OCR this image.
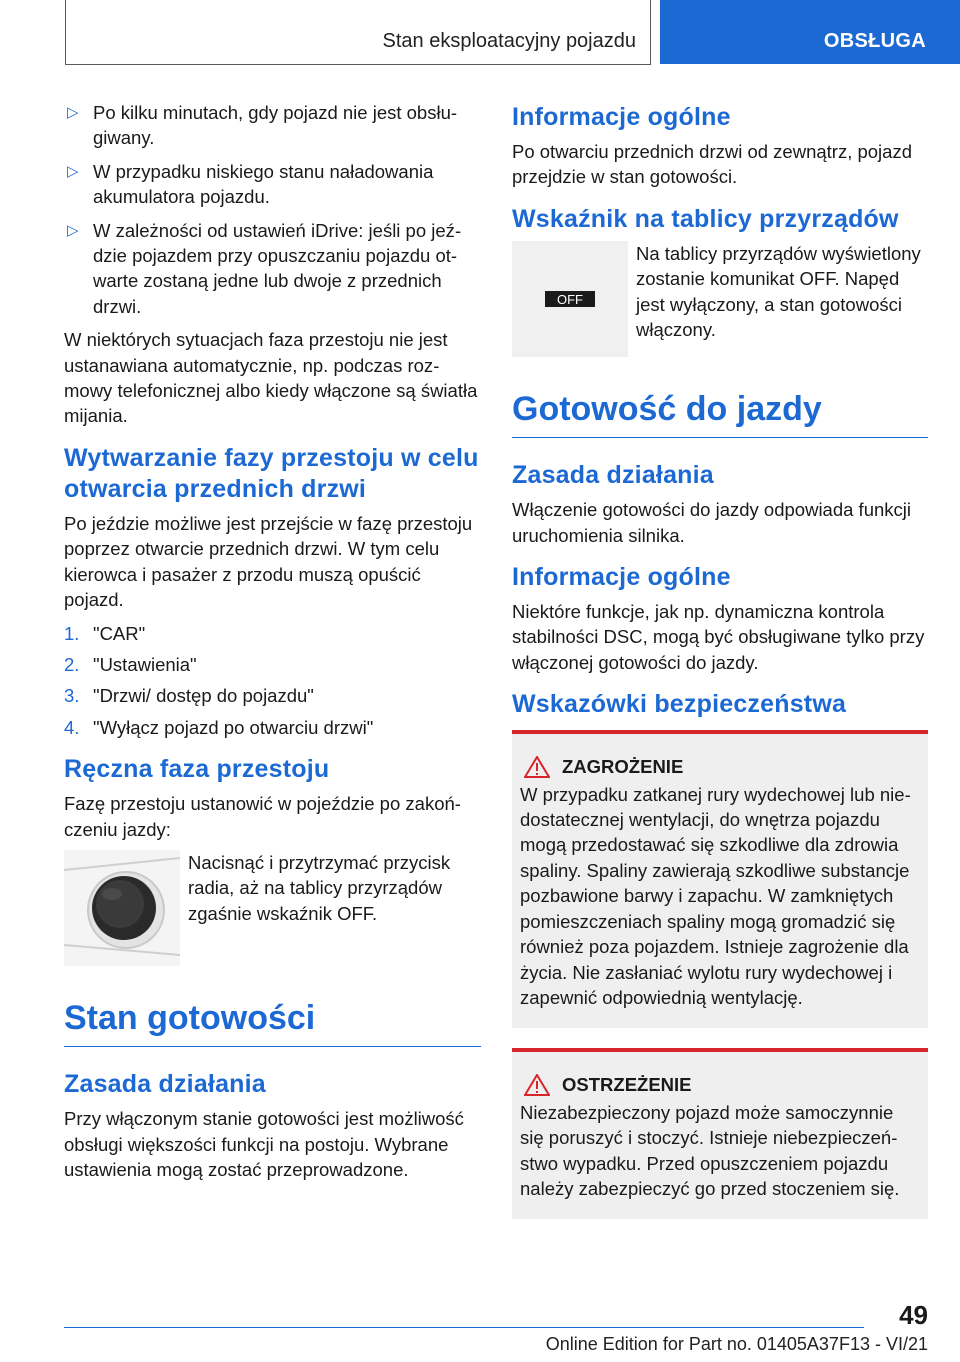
Stan eksploatacyjny pojazdu	OBSŁUGA
▷ Po kilku minutach, gdy pojazd nie jest obsługiwany.
▷ W przypadku niskiego stanu naładowania akumulatora pojazdu.
▷ W zależności od ustawień iDrive: jeśli po jeździe pojazdem przy opuszczaniu pojazdu otwarte zostaną jedne lub dwoje z przednich drzwi.

W niektórych sytuacjach faza przestoju nie jest ustanawiana automatycznie, np. podczas rozmowy telefonicznej albo kiedy włączone są światła mijania.

Wytwarzanie fazy przestoju w celu otwarcia przednich drzwi

Po jeździe możliwe jest przejście w fazę przestoju poprzez otwarcie przednich drzwi. W tym celu kierowca i pasażer z przodu muszą opuścić pojazd.

1. "CAR"
2. "Ustawienia"
3. "Drzwi/ dostęp do pojazdu"
4. "Wyłącz pojazd po otwarciu drzwi"
Ręczna faza przestoju

Fazę przestoju ustanowić w pojeździe po zakończeniu jazdy:

Nacisnąć i przytrzymać przycisk radia, aż na tablicy przyrządów zgaśnie wskaźnik OFF.
Stan gotowości
Zasada działania

Przy włączonym stanie gotowości jest możliwość obsługi większości funkcji na postoju. Wybrane ustawienia mogą zostać przeprowadzone.

Informacje ogólne

Po otwarciu przednich drzwi od zewnątrz, pojazd przejdzie w stan gotowości.

Wskaźnik na tablicy przyrządów
OFF
Na tablicy przyrządów wyświetlony zostanie komunikat OFF. Napęd jest wyłączony, a stan gotowości włączony.
Gotowość do jazdy
Zasada działania

Włączenie gotowości do jazdy odpowiada funkcji uruchomienia silnika.

Informacje ogólne

Niektóre funkcje, jak np. dynamiczna kontrola stabilności DSC, mogą być obsługiwane tylko przy włączonej gotowości do jazdy.

Wskazówki bezpieczeństwa
ZAGROŻENIE

W przypadku zatkanej rury wydechowej lub niedostatecznej wentylacji, do wnętrza pojazdu mogą przedostawać się szkodliwe dla zdrowia spaliny. Spaliny zawierają szkodliwe substancje pozbawione barwy i zapachu. W zamkniętych pomieszczeniach spaliny mogą gromadzić się również poza pojazdem. Istnieje zagrożenie dla życia. Nie zasłaniać wylotu rury wydechowej i zapewnić odpowiednią wentylację.

OSTRZEŻENIE

Niezabezpieczony pojazd może samoczynnie się poruszyć i stoczyć. Istnieje niebezpieczeństwo wypadku. Przed opuszczeniem pojazdu należy zabezpieczyć go przed stoczeniem się.

49
Online Edition for Part no. 01405A37F13 - VI/21
